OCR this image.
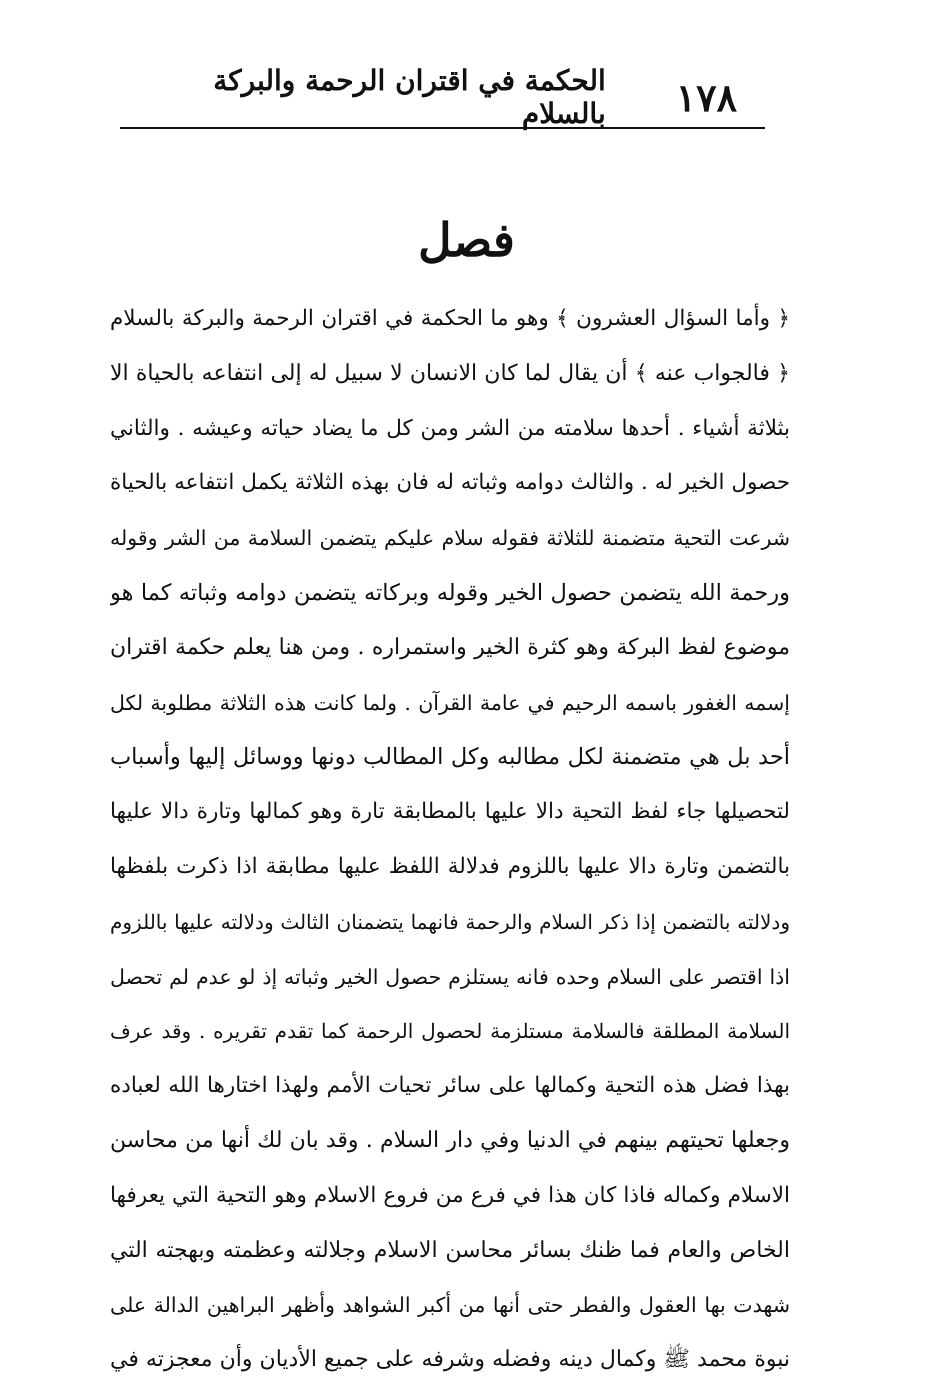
١٧٨
الحكمة في اقتران الرحمة والبركة بالسلام
فصل
﴿ وأما السؤال العشرون ﴾ وهو ما الحكمة في اقتران الرحمة والبركة بالسلام
﴿ فالجواب عنه ﴾ أن يقال لما كان الانسان لا سبيل له إلى انتفاعه بالحياة الا
بثلاثة أشياء . أحدها سلامته من الشر ومن كل ما يضاد حياته وعيشه . والثاني
حصول الخير له . والثالث دوامه وثباته له فان بهذه الثلاثة يكمل انتفاعه بالحياة
شرعت التحية متضمنة للثلاثة فقوله سلام عليكم يتضمن السلامة من الشر وقوله
ورحمة الله يتضمن حصول الخير وقوله وبركاته يتضمن دوامه وثباته كما هو
موضوع لفظ البركة وهو كثرة الخير واستمراره . ومن هنا يعلم حكمة اقتران
إسمه الغفور باسمه الرحيم في عامة القرآن . ولما كانت هذه الثلاثة مطلوبة لكل
أحد بل هي متضمنة لكل مطالبه وكل المطالب دونها ووسائل إليها وأسباب
لتحصيلها جاء لفظ التحية دالا عليها بالمطابقة تارة وهو كمالها وتارة دالا عليها
بالتضمن وتارة دالا عليها باللزوم فدلالة اللفظ عليها مطابقة اذا ذكرت بلفظها
ودلالته بالتضمن إذا ذكر السلام والرحمة فانهما يتضمنان الثالث ودلالته عليها باللزوم
اذا اقتصر على السلام وحده فانه يستلزم حصول الخير وثباته إذ لو عدم لم تحصل
السلامة المطلقة فالسلامة مستلزمة لحصول الرحمة كما تقدم تقريره . وقد عرف
بهذا فضل هذه التحية وكمالها على سائر تحيات الأمم ولهذا اختارها الله لعباده
وجعلها تحيتهم بينهم في الدنيا وفي دار السلام . وقد بان لك أنها من محاسن
الاسلام وكماله فاذا كان هذا في فرع من فروع الاسلام وهو التحية التي يعرفها
الخاص والعام فما ظنك بسائر محاسن الاسلام وجلالته وعظمته وبهجته التي
شهدت بها العقول والفطر حتى أنها من أكبر الشواهد وأظهر البراهين الدالة على
نبوة محمد ﷺ وكمال دينه وفضله وشرفه على جميع الأديان وأن معجزته في
